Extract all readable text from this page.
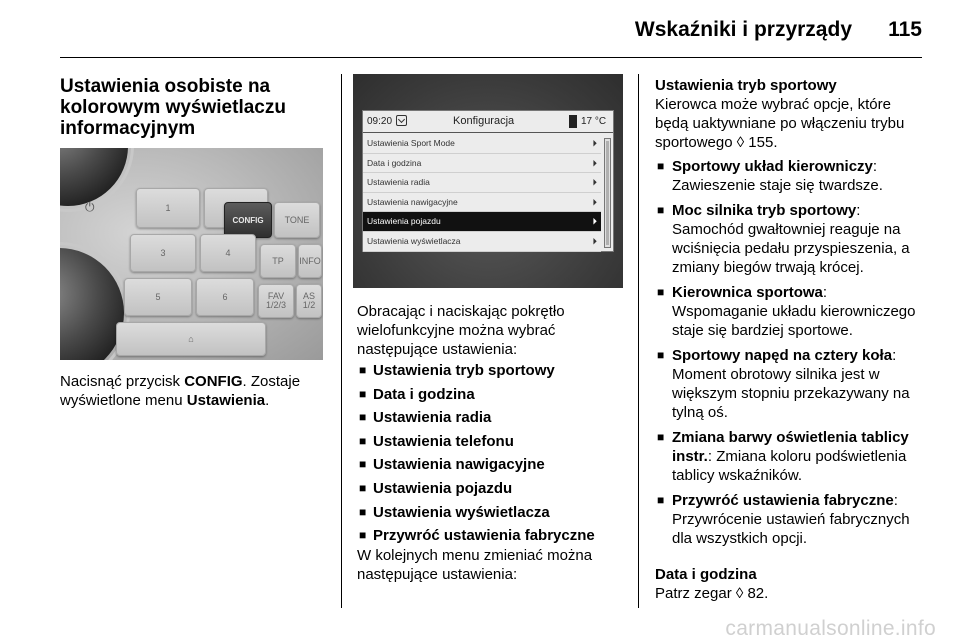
Wskaźniki i przyrządy 115
Ustawienia osobiste na kolorowym wyświetlaczu informacyjnym
⏻	1
CONFIG	TONE
3	4
TP	INFO
5	6	FAV 1/2/3
AS 1/2
⌂
Nacisnąć przycisk CONFIG. Zostaje wyświetlone menu Ustawienia.
09:20	Konfiguracja	17 °C
Ustawienia Sport Mode	⏵
Data i godzina	⏵
Ustawienia radia	⏵
Ustawienia nawigacyjne	⏵
Ustawienia pojazdu	⏵
Ustawienia wyświetlacza	⏵
Obracając i naciskając pokrętło wielofunkcyjne można wybrać następujące ustawienia:
■ Ustawienia tryb sportowy
■ Data i godzina
■ Ustawienia radia
■ Ustawienia telefonu
■ Ustawienia nawigacyjne
■ Ustawienia pojazdu
■ Ustawienia wyświetlacza
■ Przywróć ustawienia fabryczne
W kolejnych menu zmieniać można następujące ustawienia:
Ustawienia tryb sportowy
Kierowca może wybrać opcje, które będą uaktywniane po włączeniu trybu sportowego ◊ 155.
■ Sportowy układ kierowniczy: Zawieszenie staje się twardsze.
■ Moc silnika tryb sportowy: Samochód gwałtowniej reaguje na wciśnięcia pedału przyspieszenia, a zmiany biegów trwają krócej.
■ Kierownica sportowa: Wspomaganie układu kierowniczego staje się bardziej sportowe.
■ Sportowy napęd na cztery koła: Moment obrotowy silnika jest w większym stopniu przekazywany na tylną oś.
■ Zmiana barwy oświetlenia tablicy instr.: Zmiana koloru podświetlenia tablicy wskaźników.
■ Przywróć ustawienia fabryczne: Przywrócenie ustawień fabrycznych dla wszystkich opcji.
Data i godzina
Patrz zegar ◊ 82.
carmanualsonline.info
